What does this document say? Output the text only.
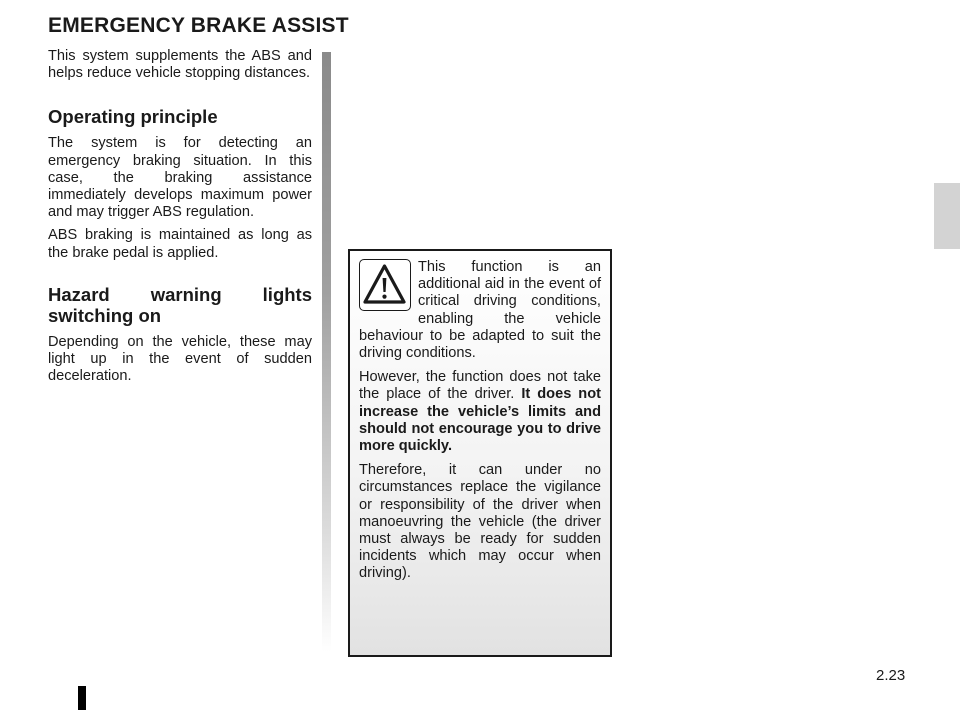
EMERGENCY BRAKE ASSIST

This system supplements the ABS and helps reduce vehicle stopping distances.

Operating principle

The system is for detecting an emergency braking situation. In this case, the braking assistance immediately develops maximum power and may trigger ABS regulation.

ABS braking is maintained as long as the brake pedal is applied.

Hazard warning lights switching on

Depending on the vehicle, these may light up in the event of sudden deceleration.

This function is an additional aid in the event of critical driving conditions, enabling the vehicle behaviour to be adapted to suit the driving conditions.

However, the function does not take the place of the driver. It does not increase the vehicle’s limits and should not encourage you to drive more quickly.

Therefore, it can under no circumstances replace the vigilance or responsibility of the driver when manoeuvring the vehicle (the driver must always be ready for sudden incidents which may occur when driving).

2.23
